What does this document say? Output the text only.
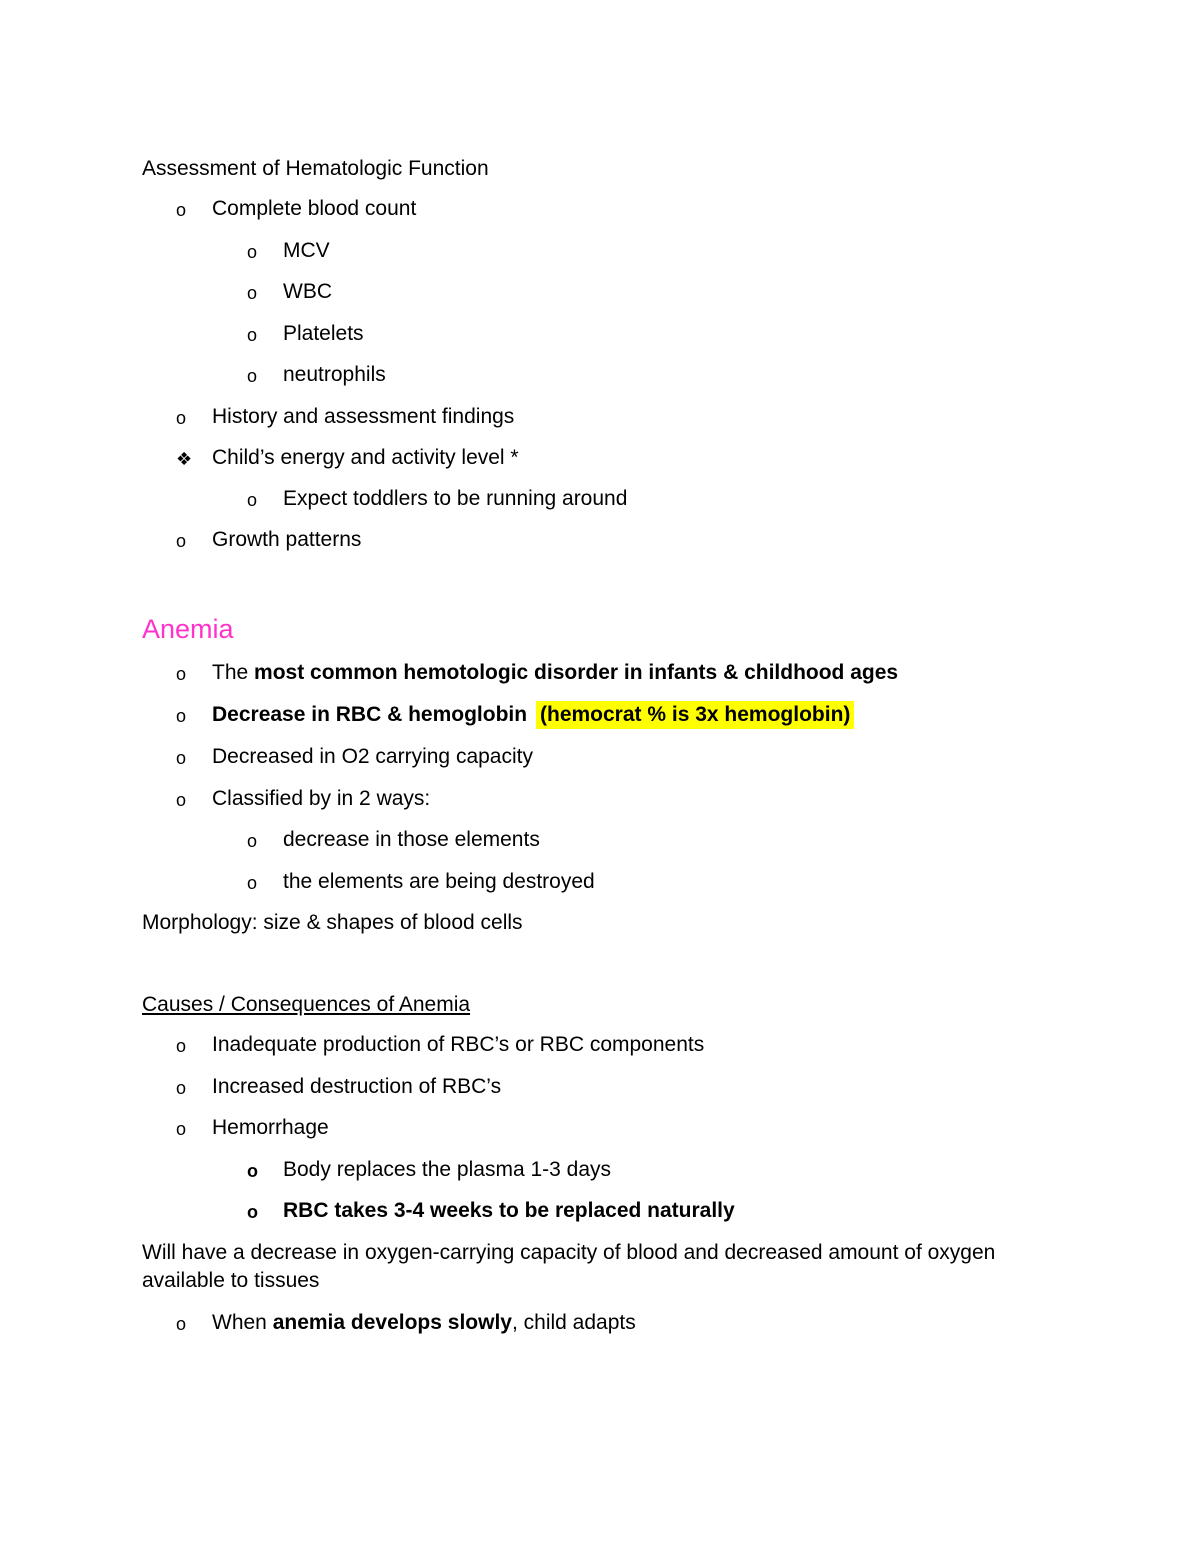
Assessment of Hematologic Function
o Complete blood count
o MCV
o WBC
o Platelets
o neutrophils
o History and assessment findings
❖ Child’s energy and activity level *
o Expect toddlers to be running around
o Growth patterns
Anemia
o The most common hemotologic disorder in infants & childhood ages
o Decrease in RBC & hemoglobin (hemocrat % is 3x hemoglobin)
o Decreased in O2 carrying capacity
o Classified by in 2 ways:
o decrease in those elements
o the elements are being destroyed
Morphology: size & shapes of blood cells
Causes / Consequences of Anemia
o Inadequate production of RBC’s or RBC components
o Increased destruction of RBC’s
o Hemorrhage
o Body replaces the plasma 1-3 days
o RBC takes 3-4 weeks to be replaced naturally
Will have a decrease in oxygen-carrying capacity of blood and decreased amount of oxygen available to tissues
o When anemia develops slowly, child adapts
